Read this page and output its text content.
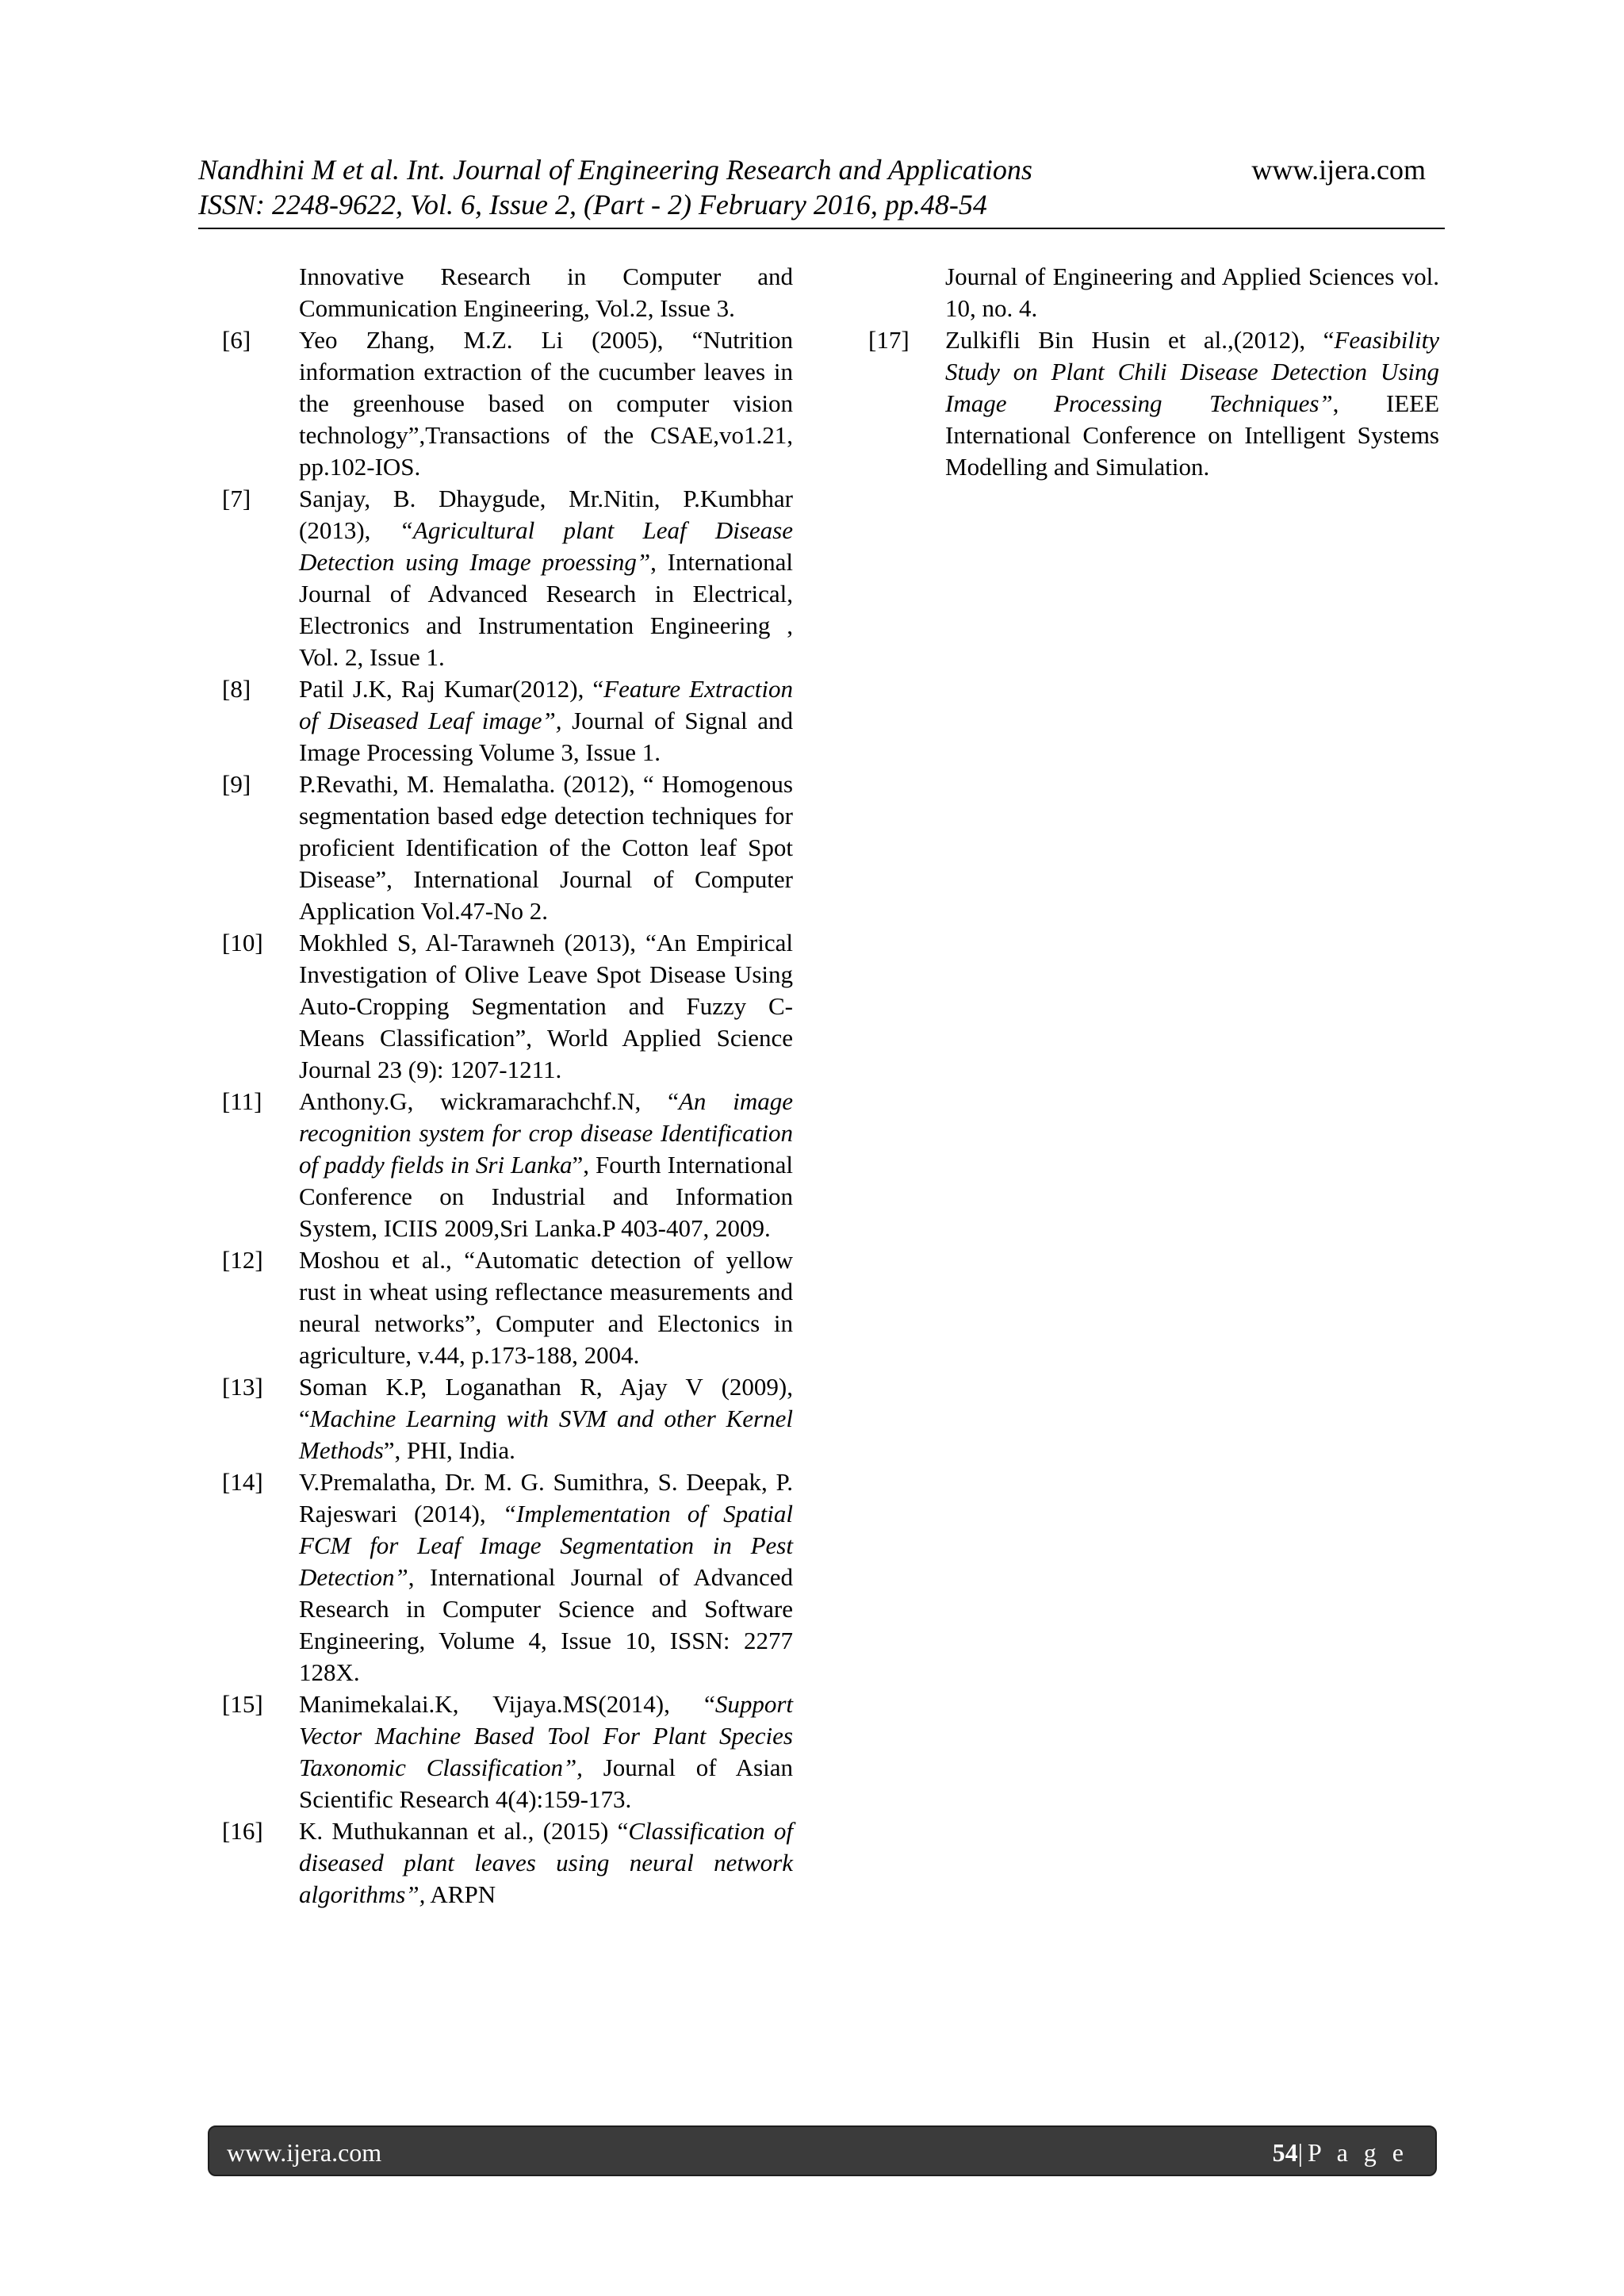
Nandhini M et al. Int. Journal of Engineering Research and Applications
ISSN: 2248-9622, Vol. 6, Issue 2, (Part - 2) February 2016, pp.48-54
www.ijera.com
Innovative Research in Computer and Communication Engineering, Vol.2, Issue 3.
[6]	Yeo Zhang, M.Z. Li (2005), “Nutrition information extraction of the cucumber leaves in the greenhouse based on computer vision technology”,Transactions of the CSAE,vo1.21, pp.102-IOS.
[7]	Sanjay, B. Dhaygude, Mr.Nitin, P.Kumbhar (2013), “Agricultural plant Leaf Disease Detection using Image proessing”, International Journal of Advanced Research in Electrical, Electronics and Instrumentation Engineering , Vol. 2, Issue 1.
[8]	Patil J.K, Raj Kumar(2012), “Feature Extraction of Diseased Leaf image”, Journal of Signal and Image Processing Volume 3, Issue 1.
[9]	P.Revathi, M. Hemalatha. (2012), “ Homogenous segmentation based edge detection techniques for proficient Identification of the Cotton leaf Spot Disease”, International Journal of Computer Application Vol.47-No 2.
[10]	Mokhled S, Al-Tarawneh (2013), “An Empirical Investigation of Olive Leave Spot Disease Using Auto-Cropping Segmentation and Fuzzy C-Means Classification”, World Applied Science Journal 23 (9): 1207-1211.
[11]	Anthony.G, wickramarachchf.N, “An image recognition system for crop disease Identification of paddy fields in Sri Lanka”, Fourth International Conference on Industrial and Information System, ICIIS 2009,Sri Lanka.P 403-407, 2009.
[12]	Moshou et al., “Automatic detection of yellow rust in wheat using reflectance measurements and neural networks”, Computer and Electonics in agriculture, v.44, p.173-188, 2004.
[13]	Soman K.P, Loganathan R, Ajay V (2009), “Machine Learning with SVM and other Kernel Methods”, PHI, India.
[14]	V.Premalatha, Dr. M. G. Sumithra, S. Deepak, P. Rajeswari (2014), “Implementation of Spatial FCM for Leaf Image Segmentation in Pest Detection”, International Journal of Advanced Research in Computer Science and Software Engineering, Volume 4, Issue 10, ISSN: 2277 128X.
[15]	Manimekalai.K, Vijaya.MS(2014), “Support Vector Machine Based Tool For Plant Species Taxonomic Classification”, Journal of Asian Scientific Research 4(4):159-173.
[16]	K. Muthukannan et al., (2015) “Classification of diseased plant leaves using neural network algorithms”, ARPN
Journal of Engineering and Applied Sciences vol. 10, no. 4.
[17]	Zulkifli Bin Husin et al.,(2012), “Feasibility Study on Plant Chili Disease Detection Using Image Processing Techniques”, IEEE International Conference on Intelligent Systems Modelling and Simulation.
www.ijera.com	54|P a g e
